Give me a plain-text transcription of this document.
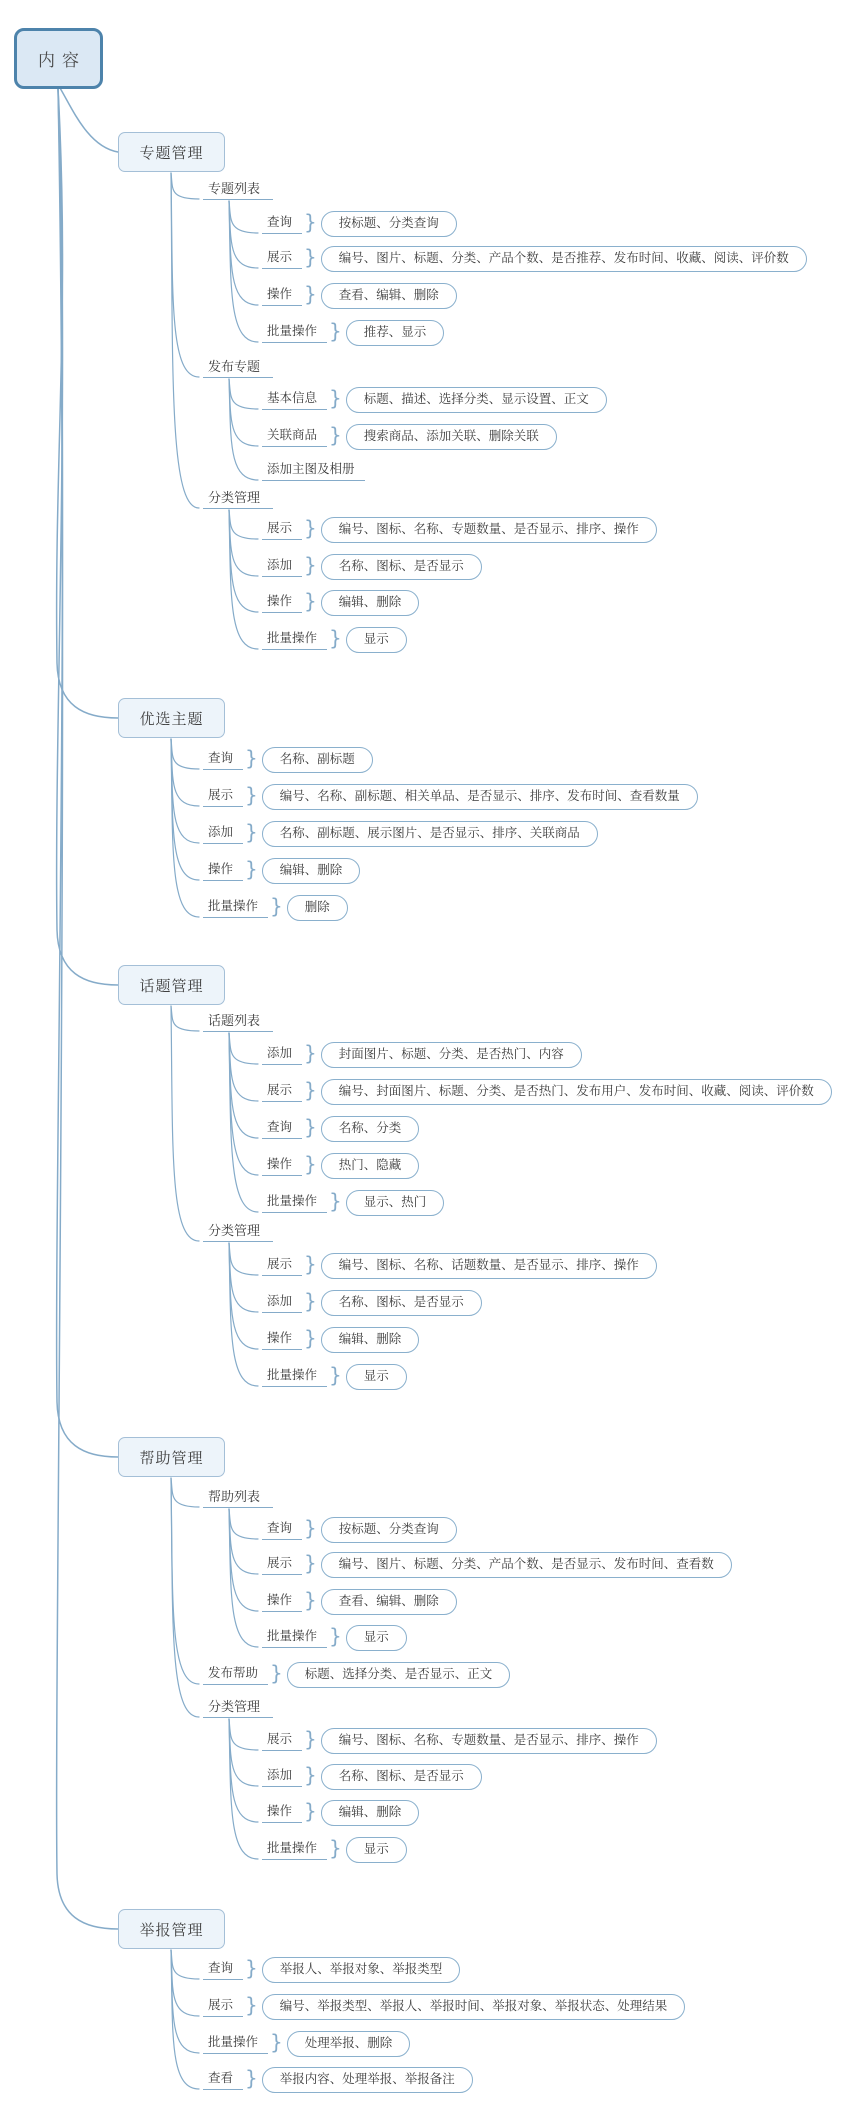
内容
专题管理
专题列表
查询 }	按标题、分类查询
展示 }	编号、图片、标题、分类、产品个数、是否推荐、发布时间、收藏、阅读、评价数
操作 }	查看、编辑、删除
批量操作 }	推荐、显示
发布专题
基本信息 }	标题、描述、选择分类、显示设置、正文
关联商品 }	搜索商品、添加关联、删除关联
添加主图及相册
分类管理
展示 }	编号、图标、名称、专题数量、是否显示、排序、操作
添加 }	名称、图标、是否显示
操作 }	编辑、删除
批量操作 }	显示
优选主题
查询 }	名称、副标题
展示 }	编号、名称、副标题、相关单品、是否显示、排序、发布时间、查看数量
添加 }	名称、副标题、展示图片、是否显示、排序、关联商品
操作 }	编辑、删除
批量操作 }	删除
话题管理
话题列表
添加 }	封面图片、标题、分类、是否热门、内容
展示 }	编号、封面图片、标题、分类、是否热门、发布用户、发布时间、收藏、阅读、评价数
查询 }	名称、分类
操作 }	热门、隐藏
批量操作 }	显示、热门
分类管理
展示 }	编号、图标、名称、话题数量、是否显示、排序、操作
添加 }	名称、图标、是否显示
操作 }	编辑、删除
批量操作 }	显示
帮助管理
帮助列表
查询 }	按标题、分类查询
展示 }	编号、图片、标题、分类、产品个数、是否显示、发布时间、查看数
操作 }	查看、编辑、删除
批量操作 }	显示
发布帮助 }	标题、选择分类、是否显示、正文
分类管理
展示 }	编号、图标、名称、专题数量、是否显示、排序、操作
添加 }	名称、图标、是否显示
操作 }	编辑、删除
批量操作 }	显示
举报管理
查询 }	举报人、举报对象、举报类型
展示 }	编号、举报类型、举报人、举报时间、举报对象、举报状态、处理结果
批量操作 }	处理举报、删除
查看 }	举报内容、处理举报、举报备注
